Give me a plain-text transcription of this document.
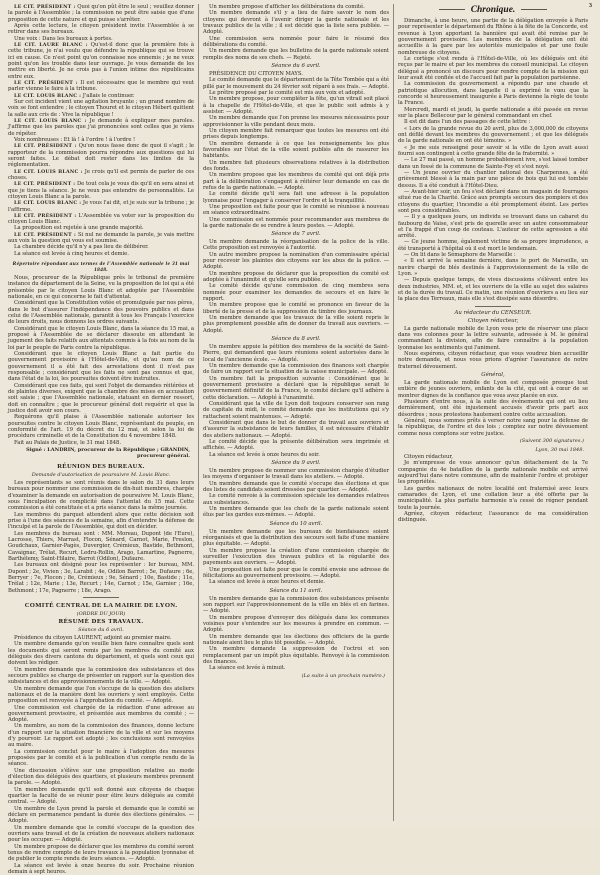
3

LE CIT. PRÉSIDENT : Quoi qu'on pût être le seul ; veuillez donner la parole à l'Assemblée ; la commission ne peut être saisie que d'une proposition de cette nature et qui puisse s'arrêter.

Après cette lecture, le citoyen président invite l'Assemblée à se retirer dans ses bureaux.

Une voix : Dans les bureaux à portes.

LE CIT. LAURE BLANC : Qu'est-il donc que la première fois à cette tribune, je n'ai voulu que défendre la république qui se trouve ici en cause. Ce n'est point qu'on connaisse nos ennemis ; je ne veux point qu'on les trouble dans leur ouvrage. Je vous demande de les mettre en liberté. Je ne crois pas à l'union intime des républicains entre eux.

LE CIT. PRÉSIDENT : Il est nécessaire que le membre qui veut parler vienne le faire à la tribune.

LE CIT. LOUIS BLANC : J'allais le continuer.

Sur cet incident vient une agitation bruyante ; un grand nombre de voix se font entendre ; le citoyen Thouret et le citoyen Hébert quittent la salle aux cris de : Vive la république !

LE CIT. LOUIS BLANC : Je demande à expliquer mes paroles. J'affirme que les paroles que j'ai prononcées sont celles que je viens de répéter.

Voix nombreuses : Et là ! à l'ordre ! à l'ordre !

LE CIT. PRÉSIDENT : Qu'on nous fasse donc de quoi il s'agit ; le rapporteur de la commission pourra répondre aux questions qui lui seront faites. Le débat doit rester dans les limites de la réglementation.

LE CIT. LOUIS BLANC : Je crois qu'il est permis de parler de ces choses.

LE CIT. PRÉSIDENT : De tout cela je vous dis qu'il en sera ainsi et que je tiens la séance. Je ne veux pas entendre de personnalités. Le citoyen Louis Blanc a la parole.

LE CIT. LOUIS BLANC : Je vous l'ai dit, et je suis sur la tribune ; je l'affirme.

LE CIT. PRÉSIDENT : L'Assemblée va voter sur la proposition du citoyen Louis Blanc.

La proposition est rejetée à une grande majorité.

LE CIT. PRÉSIDENT : Si nul ne demande la parole, je vais mettre aux voix la question qui vous est soumise.

La chambre décide qu'il n'y a pas lieu de délibérer.

La séance est levée à cinq heures et demie.

Répertoire répondant aux termes de l'Assemblée nationale le 31 mai 1848.

Nous, procureur de la République près le tribunal de première instance du département de la Seine, vu la proposition de loi qui a été présentée par le citoyen Louis Blanc et adoptée par l'Assemblée nationale, en ce qui concerne le fait d'attentat.

Considérant que la Constitution votée et promulguée par nos pères, dans le but d'assurer l'indépendance des pouvoirs publics et dans celui de l'Assemblée nationale, garantit à tous les Français l'exercice de leurs droits, nous donnons les ordres suivants.

Considérant que le citoyen Louis Blanc, dans la séance du 15 mai, a proposé à l'Assemblée de se déclarer dissoute en attendant le jugement des faits relatifs aux attentats commis à la fois au nom de la loi par le peuple de Paris contre la république.

Considérant que le citoyen Louis Blanc a fait partie du gouvernement provisoire à l'Hôtel-de-Ville, et qu'au nom de ce gouvernement il a été fait des arrestations dont il n'est pas responsable ; considérant que les faits ne sont pas connus et que, dans l'état de la loi, les poursuites doivent être instruites.

Considérant que ces faits, qui sont l'objet de demandes réitérées et de plaintes diverses, exigent que la chambre des mises en accusation soit saisie ; que l'Assemblée nationale, statuant en dernier ressort, doit en connaître ; que le procureur général doit requérir et que la justice doit avoir son cours.

Requérons qu'il plaise à l'Assemblée nationale autoriser les poursuites contre le citoyen Louis Blanc, représentant du peuple, en conformité de l'art. 19 du décret du 12 mai, et selon la loi de procédure criminelle et de la Constitution du 4 novembre 1848.

Fait au Palais de Justice, le 31 mai 1848.

Signé : LANDRIN, procureur de la République ; GRANDIN, procureur général.
RÉUNION DES BUREAUX.
Demande d'autorisation de poursuivre M. Louis Blanc.

Les représentants se sont réunis dans le salon du 31 dans leurs bureaux pour nommer une commission de dix-huit membres, chargée d'examiner la demande en autorisation de poursuivre M. Louis Blanc, sous l'inculpation de complicité dans l'attentat du 15 mai. Cette commission a été constituée et a pris séance dans la même journée.

Les membres du parquet attendent alors que cette décision soit prise à l'une des séances de la semaine, afin d'entendre la défense de l'inculpé et la parole de l'Assemblée, qui doit en décider.

Les membres du bureau sont : MM. Moreau, Dupont (de l'Eure), Lacrosse, Thiers, Marrast, Flocon, Sénard, Carnot, Marie, Freslon, Goudchaux, Garnier-Pagès, Duvergier, Crémieux, Bastide, Bethmont, Cavaignac, Trélat, Recurt, Ledru-Rollin, Arago, Lamartine, Pagnerre, Barthélemy, Saint-Hilaire, Barrot (Odilon), Dufaure.

Les bureaux ont désigné pour les représenter : Ier bureau, MM. Dupont ; 2e, Vivien ; 3e, Larabit ; 4e, Odilon Barrot ; 5e, Dufaure ; 6e, Berryer ; 7e, Flocon ; 8e, Crémieux ; 9e, Sénard ; 10e, Bastide ; 11e, Trélat ; 12e, Marie ; 13e, Recurt ; 14e, Carnot ; 15e, Garnier ; 16e, Bethmont ; 17e, Pagnerre ; 18e, Arago.

COMITÉ CENTRAL DE LA MAIRIE DE LYON.
(ORDRE DU JOUR)
RÉSUMÉ DES TRAVAUX.
Séance du 6 avril.

Présidence du citoyen LAURENT, adjoint au premier maire.

Un membre demande qu'on veuille bien faire connaître quels sont les documents qui seront remis par les membres du comité aux délégués des divers cantons du département, et quels sont ceux qui doivent les rédiger.

Un membre demande que la commission des subsistances et des secours publics se charge de présenter un rapport sur la question des subsistances et des approvisionnements de la ville. — Adopté.

Un membre demande que l'on s'occupe de la question des ateliers nationaux et de la manière dont les ouvriers y sont employés. Cette proposition est renvoyée à l'approbation du comité. — Adopté.

Une commission est chargée de la rédaction d'une adresse au gouvernement provisoire, et présentée aux membres du comité ; — Adopté.

Un membre, au nom de la commission des finances, donne lecture d'un rapport sur la situation financière de la ville et sur les moyens d'y pourvoir. Le rapport est adopté ; les conclusions sont renvoyées au maire.

La commission conclut pour le maire à l'adoption des mesures proposées par le comité et à la publication d'un compte rendu de la séance.

Une discussion s'élève sur une proposition relative au mode d'élection des délégués des quartiers, et plusieurs membres prennent la parole. — Adopté.

Un membre demande qu'il soit donné aux citoyens de chaque quartier la faculté de se réunir pour élire leurs délégués au comité central. — Adopté.

Un membre de Lyon prend la parole et demande que le comité se déclare en permanence pendant la durée des élections générales. — Adopté.

Un membre demande que le comité s'occupe de la question des ouvriers sans travail et de la création de nouveaux ateliers nationaux pour les occuper. — Adopté.

Un membre propose de déclarer que les membres du comité seront tenus de rendre compte de leurs travaux à la population lyonnaise et de publier le compte rendu de leurs séances. — Adopté.

La séance est levée à onze heures du soir. Prochaine réunion demain à sept heures.

Un membre propose d'afficher les délibérations du comité.

Un membre demande s'il y a lieu de faire savoir le nom des citoyens qui devront à l'avenir diriger la garde nationale et les travaux publics de la ville ; il est décidé que la liste sera publiée. — Adopté.

Une commission sera nommée pour faire le résumé des délibérations du comité.

Un membre demande que les bulletins de la garde nationale soient remplis des noms de ses chefs. — Rejeté.

Séance du 6 avril.

PRÉSIDENCE DU CITOYEN MAYS.

Le comité demande que le département de la Tête Tombée qui a été pillé par le mouvement du 24 février soit réparé à ses frais. — Adopté.

Le prêtre proposé par le comité est mis aux voix et adopté.

Un membre propose, pour compléter la fête, qu'un vitrail soit placé à la chapelle de l'Hôtel-de-Ville, et que le public soit admis à y assister. — Adopté.

Un membre demande que l'on prenne les mesures nécessaires pour approvisionner la ville pendant deux mois.

Un citoyen membre fait remarquer que toutes les mesures ont été prises depuis longtemps.

Un membre demande à ce que les renseignements les plus favorables sur l'état de la ville soient publiés afin de rassurer les habitants.

Un membre fait plusieurs observations relatives à la distribution des fonds.

Un membre propose que les membres du comité qui ont déjà pris part à la délibération s'engagent à réitérer leur demande en cas de refus de la garde nationale. — Adopté.

Le comité décide qu'il sera fait une adresse à la population lyonnaise pour l'engager à conserver l'ordre et la tranquillité.

Une proposition est faite pour que le comité se réunisse à nouveau en séance extraordinaire.

Une commission est nommée pour recommander aux membres de la garde nationale de se rendre à leurs postes. — Adopté.

Séance du 7 avril.

Un membre demande la réorganisation de la police de la ville. Cette proposition est renvoyée à l'autorité.

Un autre membre propose la nomination d'un commissaire spécial pour recevoir les plaintes des citoyens sur les abus de la police. — Adopté.

Un membre propose de déclarer que la proposition du comité est adoptée à l'unanimité et qu'elle sera publiée.

Le comité décide qu'une commission de cinq membres sera nommée pour examiner les demandes de secours et en faire le rapport.

Un membre propose que le comité se prononce en faveur de la liberté de la presse et de la suppression du timbre des journaux.

Un membre demande que les travaux de la ville soient repris le plus promptement possible afin de donner du travail aux ouvriers. — Adopté.

Séance du 8 avril.

Un membre appuie la pétition des membres de la société de Saint-Pierre, qui demandent que leurs réunions soient autorisées dans le local de l'ancienne école. — Adopté.

Un membre demande que la commission des finances soit chargée de faire un rapport sur la situation de la caisse municipale. — Adopté.

Un membre fait la proposition suivante : Considérant que le gouvernement provisoire a déclaré que la république serait le gouvernement définitif de la France, le comité déclare qu'il adhère à cette déclaration. — Adopté à l'unanimité.

Considérant que la ville de Lyon doit toujours conserver son rang de capitale du midi, le comité demande que les institutions qui s'y rattachent soient maintenues. — Adopté.

Considérant que dans le but de donner du travail aux ouvriers et d'assurer la subsistance de leurs familles, il est nécessaire d'établir des ateliers nationaux. — Adopté.

Le comité décide que la présente délibération sera imprimée et affichée. — Adopté.

La séance est levée à onze heures du soir.

Séance du 9 avril.

Un membre propose de nommer une commission chargée d'étudier les moyens d'organiser le travail dans les ateliers. — Adopté.

Un membre demande que le comité s'occupe des élections et que des listes de candidats soient dressées par quartier. — Adopté.

Le comité renvoie à la commission spéciale les demandes relatives aux subsistances.

Un membre demande que les chefs de la garde nationale soient élus par les gardes eux-mêmes. — Adopté.

Séance du 10 avril.

Un membre demande que les bureaux de bienfaisance soient réorganisés et que la distribution des secours soit faite d'une manière plus équitable. — Adopté.

Un membre propose la création d'une commission chargée de surveiller l'exécution des travaux publics et la régularité des payements aux ouvriers. — Adopté.

Une proposition est faite pour que le comité envoie une adresse de félicitations au gouvernement provisoire. — Adopté.

La séance est levée à onze heures et demie.

Séance du 11 avril.

Un membre demande que la commission des subsistances présente son rapport sur l'approvisionnement de la ville en blés et en farines. — Adopté.

Un membre propose d'envoyer des délégués dans les communes voisines pour s'entendre sur les mesures à prendre en commun. — Adopté.

Un membre demande que les élections des officiers de la garde nationale aient lieu le plus tôt possible. — Adopté.

Un membre demande la suppression de l'octroi et son remplacement par un impôt plus équitable. Renvoyé à la commission des finances.

La séance est levée à minuit.

(La suite à un prochain numéro.)
Chronique.

Dimanche, à une heure, une partie de la délégation envoyée à Paris pour représenter le département du Rhône à la fête de la Concorde, est revenue à Lyon apportant la bannière qui avait été remise par le gouvernement provisoire. Les membres de la délégation ont été accueillis à la gare par les autorités municipales et par une foule nombreuse de citoyens.

Le cortège s'est rendu à l'Hôtel-de-Ville, où les délégués ont été reçus par le maire et par les membres du conseil municipal. Le citoyen délégué a prononcé un discours pour rendre compte de la mission qui leur avait été confiée et de l'accueil fait par la population parisienne.

La commission du gouvernement a répondu par une chaude et patriotique allocution, dans laquelle il a exprimé le vœu que la concorde si heureusement inaugurée à Paris devienne la règle de toute la France.

Mercredi, mardi et jeudi, la garde nationale a été passée en revue sur la place Bellecour par le général commandant en chef.

Il est dit dans l'un des passages de cette lettre :

« Lors de la grande revue du 20 avril, plus de 3,000,000 de citoyens ont défilé devant les membres du gouvernement ; et que les délégués de la garde nationale en ont été témoins. »

« Je me suis renseigné pour savoir si la ville de Lyon avait aussi fourni son contingent à cette grande fête de la fraternité. »

— Le 27 mai passé, un homme probablement ivre, s'est laissé tomber dans un fossé de la commune de Sainte-Foy et s'est noyé.

— Un jeune ouvrier du chantier national des Charpennes, a été grièvement blessé à la main par une pièce de bois qui lui est tombée dessus. Il a été conduit à l'Hôtel-Dieu.

— Avant-hier soir, un feu s'est déclaré dans un magasin de fourrages situé rue de la Charité. Grâce aux prompts secours des pompiers et des citoyens du quartier, l'incendie a été promptement éteint. Les pertes sont peu considérables.

— Il y a quelques jours, un individu se trouvant dans un cabaret du faubourg de Vaise, s'est pris de querelle avec un autre consommateur et l'a frappé d'un coup de couteau. L'auteur de cette agression a été arrêté.

— Ce jeune homme, également victime de sa propre imprudence, a été transporté à l'hôpital où il est mort le lendemain.

— On lit dans le Sémaphore de Marseille :

« Il est arrivé la semaine dernière, dans le port de Marseille, un navire chargé de blés destinés à l'approvisionnement de la ville de Lyon. »

— Depuis quelque temps, de vives discussions s'élèvent entre les deux industries, MM. et, et les ouvriers de la ville au sujet des salaires et de la durée du travail. Ce matin, une réunion d'ouvriers a eu lieu sur la place des Terreaux, mais elle s'est dissipée sans désordre.

Au rédacteur du CENSEUR.
Citoyen rédacteur,

La garde nationale mobile de Lyon vous prie de réserver une place dans vos colonnes pour la lettre suivante, adressée à M. le général commandant la division, afin de faire connaître à la population lyonnaise les sentiments qui l'animent.

Nous espérons, citoyen rédacteur, que vous voudrez bien accueillir notre demande, et nous vous prions d'agréer l'assurance de notre fraternel dévouement.

Général,

La garde nationale mobile de Lyon est composée presque tout entière de jeunes ouvriers, enfants de la cité, qui ont à cœur de se montrer dignes de la confiance que vous avez placée en eux.

Plusieurs d'entre nous, à la suite des événements qui ont eu lieu dernièrement, ont été injustement accusés d'avoir pris part aux désordres ; nous protestons hautement contre cette accusation.

Général, nous sommes prêts à verser notre sang pour la défense de la république, de l'ordre et des lois ; comptez sur notre dévouement comme nous comptons sur votre justice.

(Suivent 300 signatures.)
Lyon, 30 mai 1848.

Citoyen rédacteur,

Je m'empresse de vous annoncer qu'un détachement de la 7e compagnie du 4e bataillon de la garde nationale mobile est arrivé aujourd'hui dans notre commune, afin de maintenir l'ordre et protéger les propriétés.

Les gardes nationaux de notre localité ont fraternisé avec leurs camarades de Lyon, et une collation leur a été offerte par la municipalité. La plus parfaite harmonie n'a cessé de régner pendant toute la journée.

Agréez, citoyen rédacteur, l'assurance de ma considération distinguée.
